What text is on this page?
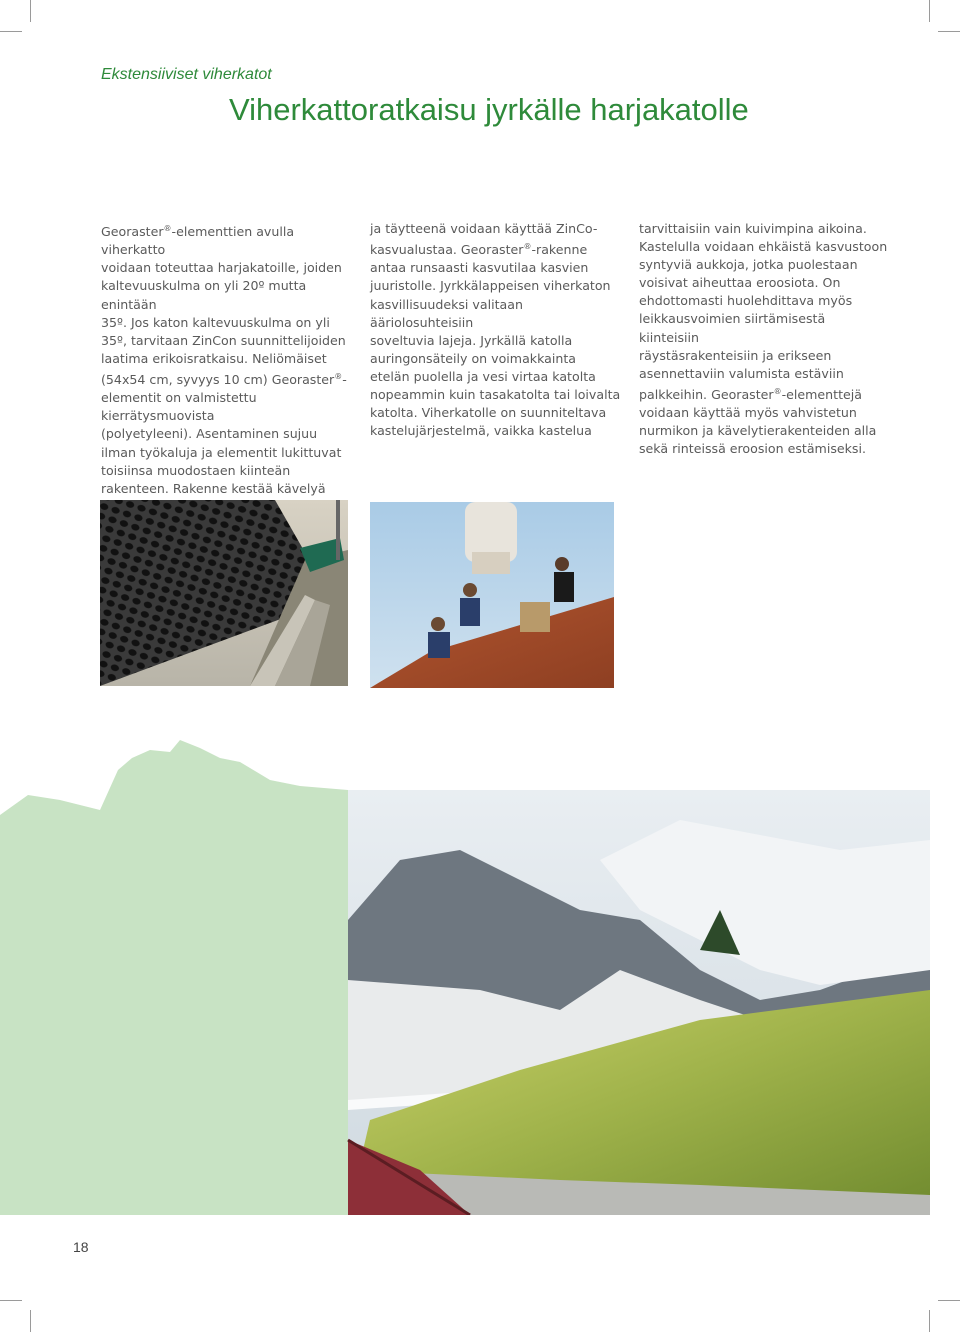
Ekstensiiviset viherkatot
Viherkattoratkaisu jyrkälle harjakatolle

Georaster®-elementtien avulla viherkatto

voidaan toteuttaa harjakatoille, joiden

kaltevuuskulma on yli 20º mutta enintään

35º. Jos katon kaltevuuskulma on yli

35º, tarvitaan ZinCon suunnittelijoiden

laatima erikoisratkaisu. Neliömäiset

(54x54 cm, syvyys 10 cm) Georaster®-

elementit on valmistettu kierrätysmuovista

(polyetyleeni). Asentaminen sujuu

ilman työkaluja ja elementit lukittuvat

toisiinsa muodostaen kiinteän

rakenteen. Rakenne kestää kävelyä

ja täytteenä voidaan käyttää ZinCo-

kasvualustaa. Georaster®-rakenne

antaa runsaasti kasvutilaa kasvien

juuristolle. Jyrkkälappeisen viherkaton

kasvillisuudeksi valitaan ääriolosuhteisiin

soveltuvia lajeja. Jyrkällä katolla

auringonsäteily on voimakkainta

etelän puolella ja vesi virtaa katolta

nopeammin kuin tasakatolta tai loivalta

katolta. Viherkatolle on suunniteltava

kastelujärjestelmä, vaikka kastelua

tarvittaisiin vain kuivimpina aikoina.

Kastelulla voidaan ehkäistä kasvustoon

syntyviä aukkoja, jotka puolestaan

voisivat aiheuttaa eroosiota. On

ehdottomasti huolehdittava myös

leikkausvoimien siirtämisestä kiinteisiin

räystäsrakenteisiin ja erikseen

asennettaviin valumista estäviin

palkkeihin. Georaster®-elementtejä

voidaan käyttää myös vahvistetun

nurmikon ja kävelytierakenteiden alla

sekä rinteissä eroosion estämiseksi.

18
